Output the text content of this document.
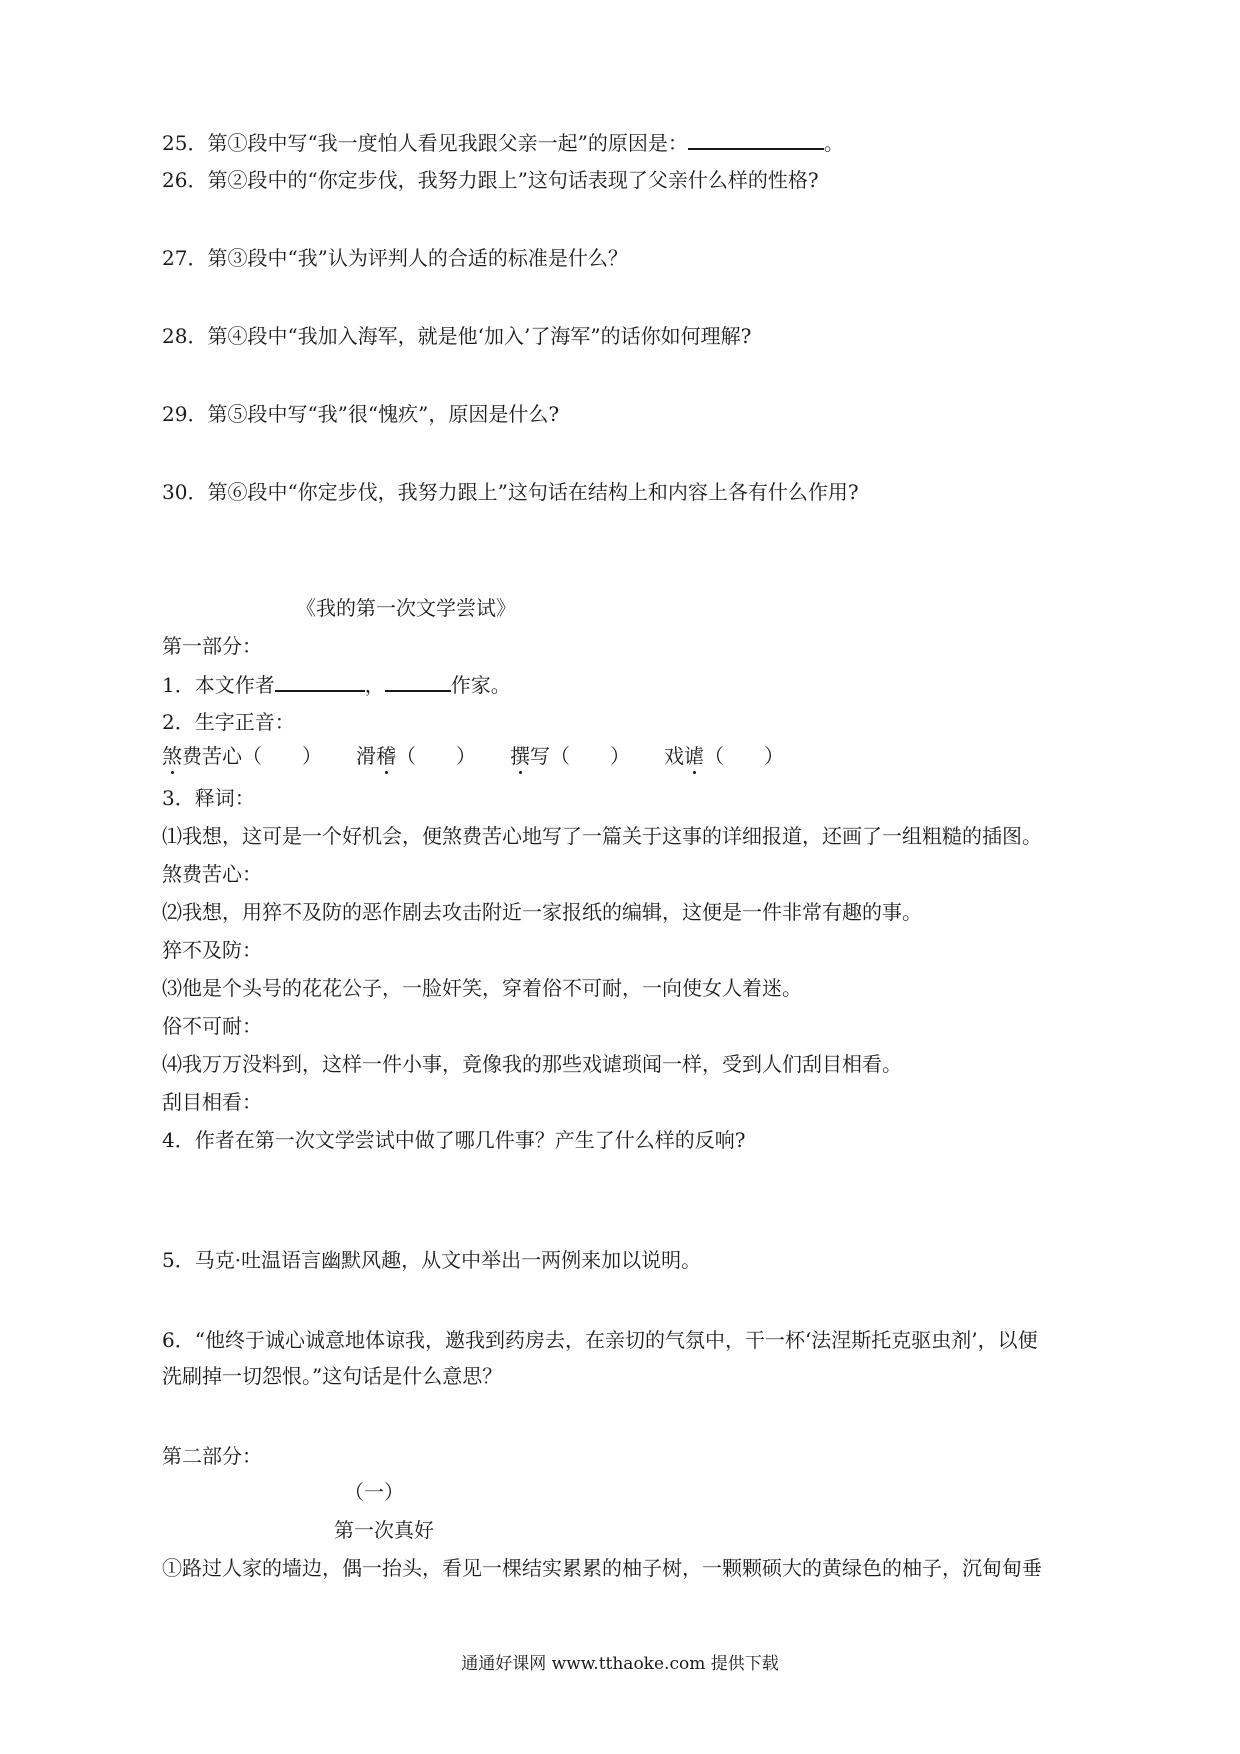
25．第①段中写“我一度怕人看见我跟父亲一起”的原因是：	。
26．第②段中的“你定步伐，我努力跟上”这句话表现了父亲什么样的性格?
27．第③段中“我”认为评判人的合适的标准是什么？
28．第④段中“我加入海军，就是他‘加入’了海军”的话你如何理解?
29．第⑤段中写“我”很“愧疚”，原因是什么?
30．第⑥段中“你定步伐，我努力跟上”这句话在结构上和内容上各有什么作用?
《我的第一次文学尝试》
第一部分：
1．本文作者	，	作家。
2．生字正音：
煞费苦心（　　） 滑稽（　　） 撰写（　　） 戏谑（　　）
3．释词：
⑴我想，这可是一个好机会，便煞费苦心地写了一篇关于这事的详细报道，还画了一组粗糙的插图。
煞费苦心：
⑵我想，用猝不及防的恶作剧去攻击附近一家报纸的编辑，这便是一件非常有趣的事。
猝不及防：
⑶他是个头号的花花公子，一脸奸笑，穿着俗不可耐，一向使女人着迷。
俗不可耐：
⑷我万万没料到，这样一件小事，竟像我的那些戏谑琐闻一样，受到人们刮目相看。
刮目相看：
4．作者在第一次文学尝试中做了哪几件事？产生了什么样的反响?
5．马克·吐温语言幽默风趣，从文中举出一两例来加以说明。
6．“他终于诚心诚意地体谅我，邀我到药房去，在亲切的气氛中，干一杯‘法涅斯托克驱虫剂’，以便
洗刷掉一切怨恨。”这句话是什么意思？
第二部分：
（一）
第一次真好
①路过人家的墙边，偶一抬头，看见一棵结实累累的柚子树，一颗颗硕大的黄绿色的柚子，沉甸甸垂
通通好课网 www.tthaoke.com 提供下载
